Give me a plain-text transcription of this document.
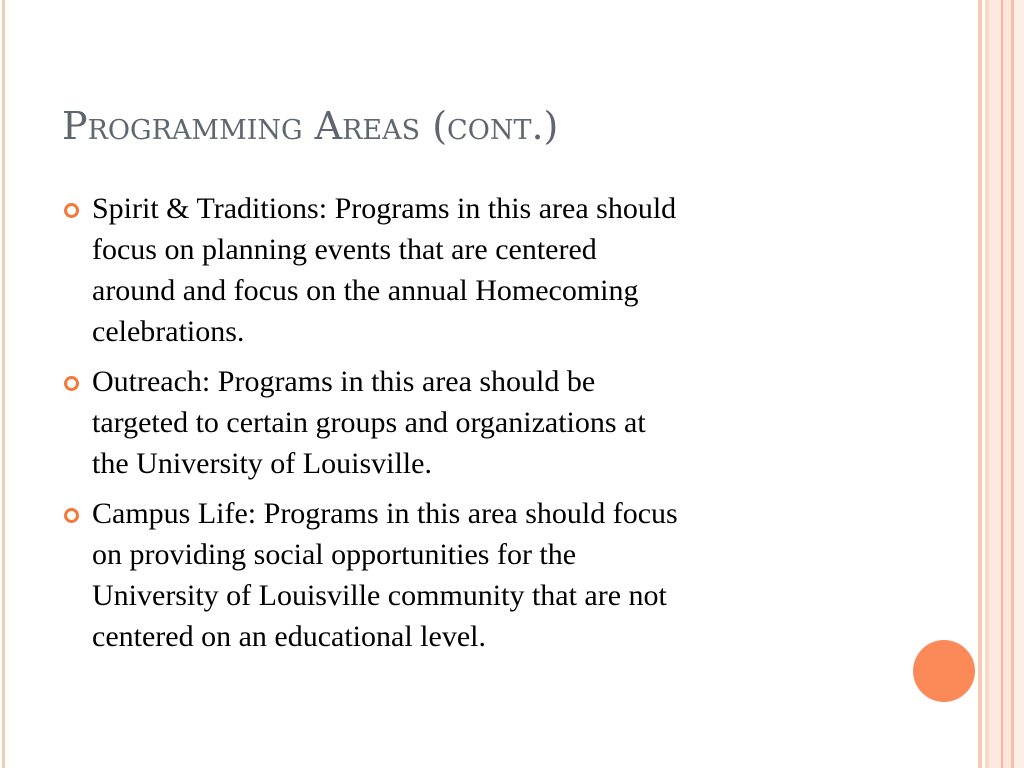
Programming Areas (cont.)
Spirit & Traditions: Programs in this area should
focus on planning events that are centered
around and focus on the annual Homecoming
celebrations.
Outreach: Programs in this area should be
targeted to certain groups and organizations at
the University of Louisville.
Campus Life: Programs in this area should focus
on providing social opportunities for the
University of Louisville community that are not
centered on an educational level.
